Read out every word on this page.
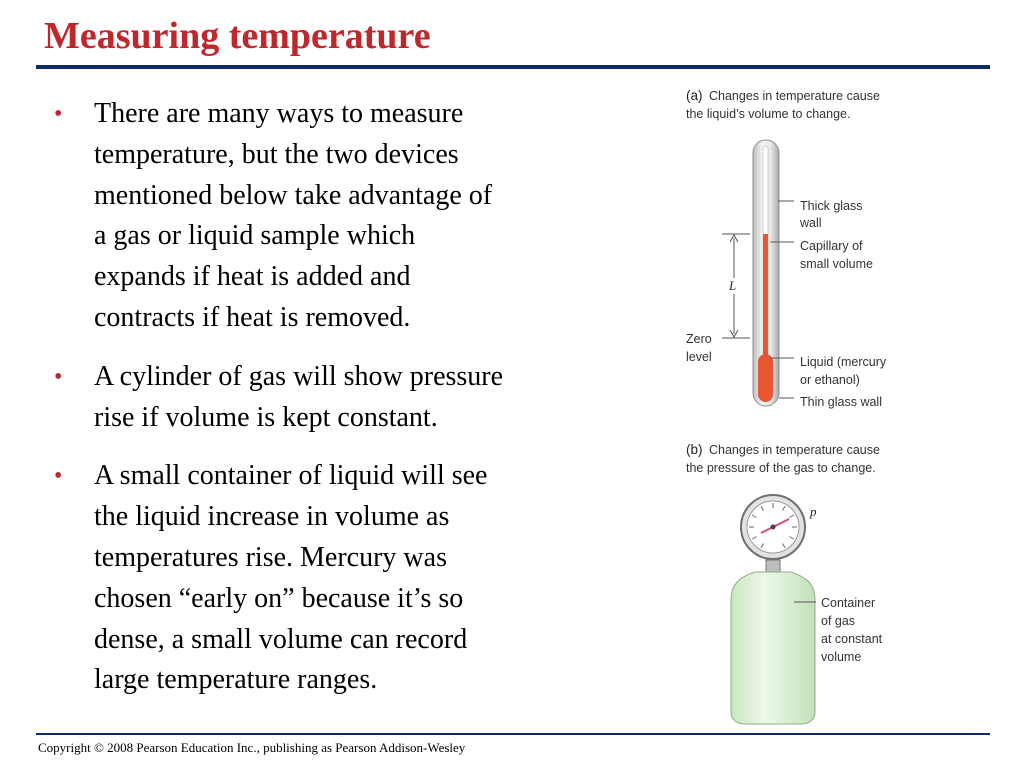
Measuring temperature
• There are many ways to measure
temperature, but the two devices
mentioned below take advantage of
a gas or liquid sample which
expands if heat is added and
contracts if heat is removed.
• A cylinder of gas will show pressure
rise if volume is kept constant.
• A small container of liquid will see
the liquid increase in volume as
temperatures rise. Mercury was
chosen “early on” because it’s so
dense, a small volume can record
large temperature ranges.
(a) Changes in temperature cause
the liquid’s volume to change.
L
Thick glass
wall
Capillary of
small volume
Zero
level	Liquid (mercury
or ethanol)
Thin glass wall
(b) Changes in temperature cause
the pressure of the gas to change.
p
Container
of gas
at constant
volume
Copyright © 2008 Pearson Education Inc., publishing as Pearson Addison-Wesley
